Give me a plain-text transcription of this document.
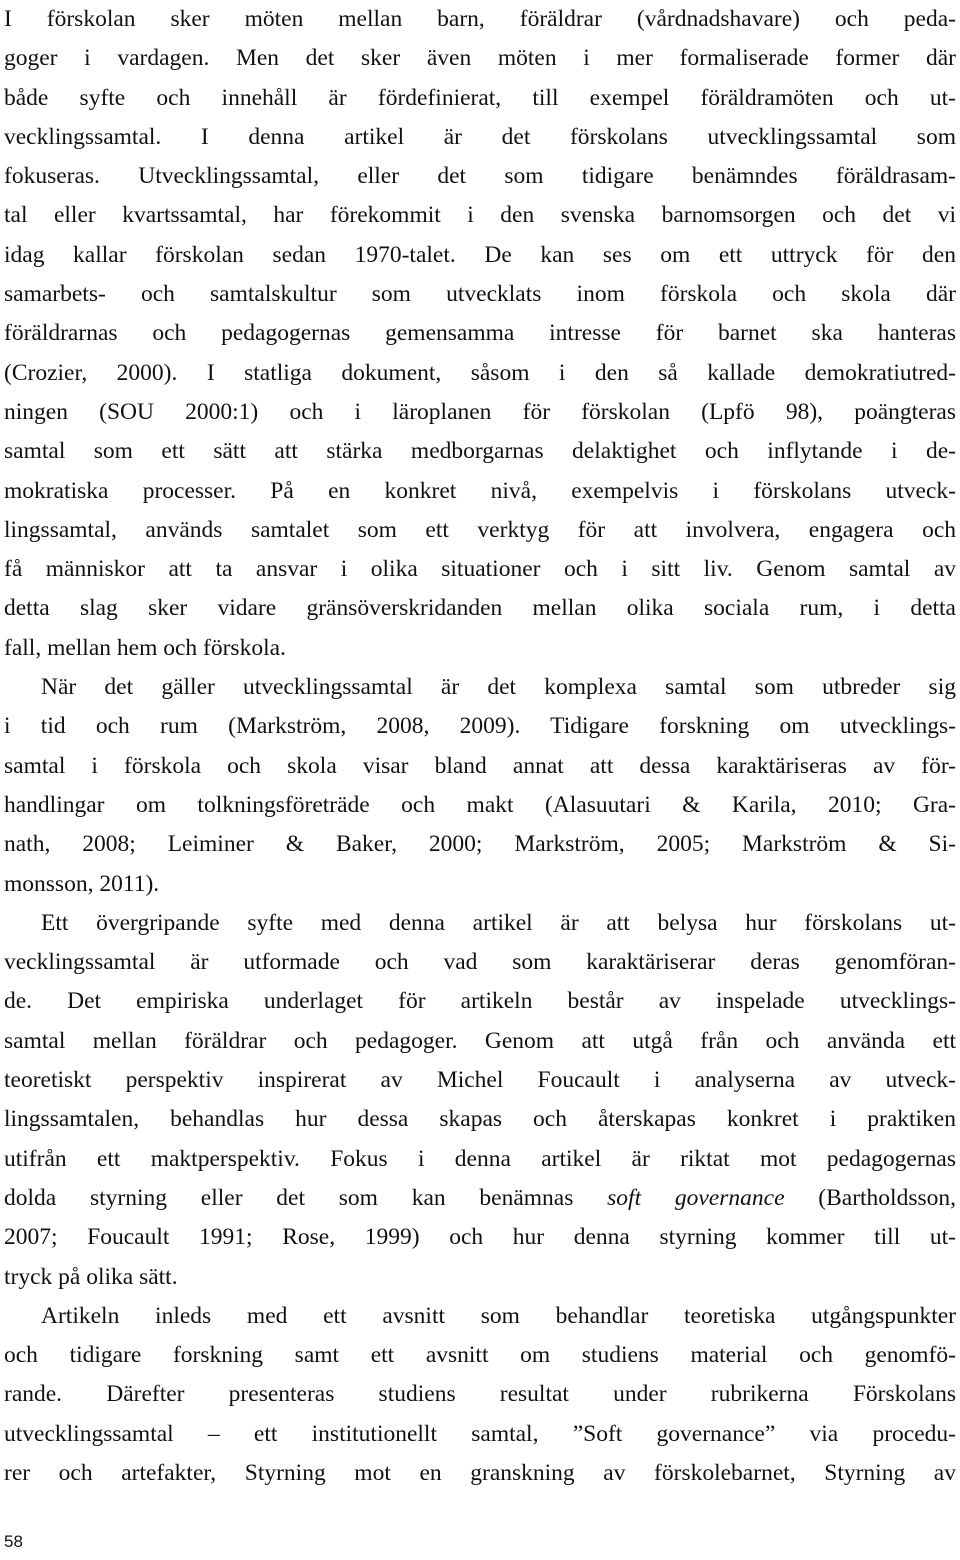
I förskolan sker möten mellan barn, föräldrar (vårdnadshavare) och peda-
goger i vardagen. Men det sker även möten i mer formaliserade former där
både syfte och innehåll är fördefinierat, till exempel föräldramöten och ut-
vecklingssamtal. I denna artikel är det förskolans utvecklingssamtal som
fokuseras. Utvecklingssamtal, eller det som tidigare benämndes föräldrasam-
tal eller kvartssamtal, har förekommit i den svenska barnomsorgen och det vi
idag kallar förskolan sedan 1970-talet. De kan ses om ett uttryck för den
samarbets- och samtalskultur som utvecklats inom förskola och skola där
föräldrarnas och pedagogernas gemensamma intresse för barnet ska hanteras
(Crozier, 2000). I statliga dokument, såsom i den så kallade demokratiutred-
ningen (SOU 2000:1) och i läroplanen för förskolan (Lpfö 98), poängteras
samtal som ett sätt att stärka medborgarnas delaktighet och inflytande i de-
mokratiska processer. På en konkret nivå, exempelvis i förskolans utveck-
lingssamtal, används samtalet som ett verktyg för att involvera, engagera och
få människor att ta ansvar i olika situationer och i sitt liv. Genom samtal av
detta slag sker vidare gränsöverskridanden mellan olika sociala rum, i detta
fall, mellan hem och förskola.
När det gäller utvecklingssamtal är det komplexa samtal som utbreder sig
i tid och rum (Markström, 2008, 2009). Tidigare forskning om utvecklings-
samtal i förskola och skola visar bland annat att dessa karaktäriseras av för-
handlingar om tolkningsföreträde och makt (Alasuutari & Karila, 2010; Gra-
nath, 2008; Leiminer & Baker, 2000; Markström, 2005; Markström & Si-
monsson, 2011).
Ett övergripande syfte med denna artikel är att belysa hur förskolans ut-
vecklingssamtal är utformade och vad som karaktäriserar deras genomföran-
de. Det empiriska underlaget för artikeln består av inspelade utvecklings-
samtal mellan föräldrar och pedagoger. Genom att utgå från och använda ett
teoretiskt perspektiv inspirerat av Michel Foucault i analyserna av utveck-
lingssamtalen, behandlas hur dessa skapas och återskapas konkret i praktiken
utifrån ett maktperspektiv. Fokus i denna artikel är riktat mot pedagogernas
dolda styrning eller det som kan benämnas soft governance (Bartholdsson,
2007; Foucault 1991; Rose, 1999) och hur denna styrning kommer till ut-
tryck på olika sätt.
Artikeln inleds med ett avsnitt som behandlar teoretiska utgångspunkter
och tidigare forskning samt ett avsnitt om studiens material och genomfö-
rande. Därefter presenteras studiens resultat under rubrikerna Förskolans
utvecklingssamtal – ett institutionellt samtal, ”Soft governance” via procedu-
rer och artefakter, Styrning mot en granskning av förskolebarnet, Styrning av
58
